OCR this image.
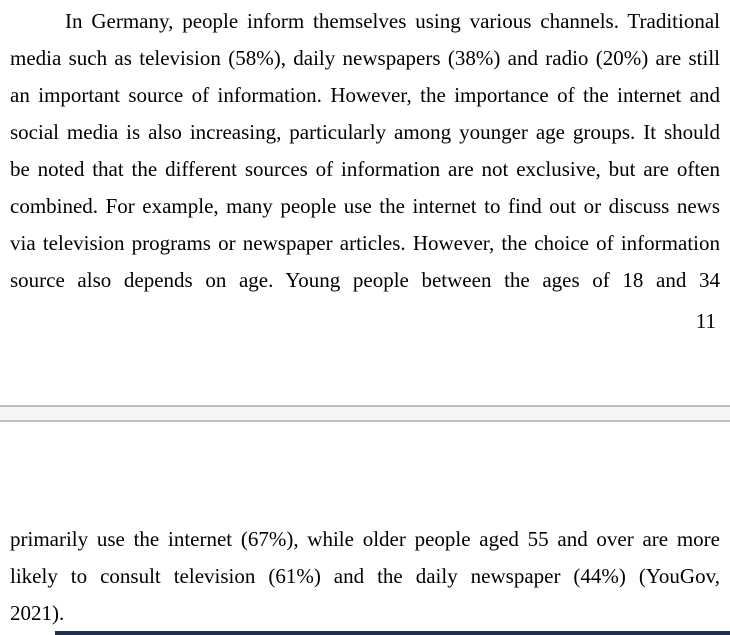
In Germany, people inform themselves using various channels. Traditional
media such as television (58%), daily newspapers (38%) and radio (20%) are still
an important source of information. However, the importance of the internet and
social media is also increasing, particularly among younger age groups. It should
be noted that the different sources of information are not exclusive, but are often
combined. For example, many people use the internet to find out or discuss news
via television programs or newspaper articles. However, the choice of information
source also depends on age. Young people between the ages of 18 and 34
11
primarily use the internet (67%), while older people aged 55 and over are more
likely to consult television (61%) and the daily newspaper (44%) (YouGov,
2021).
